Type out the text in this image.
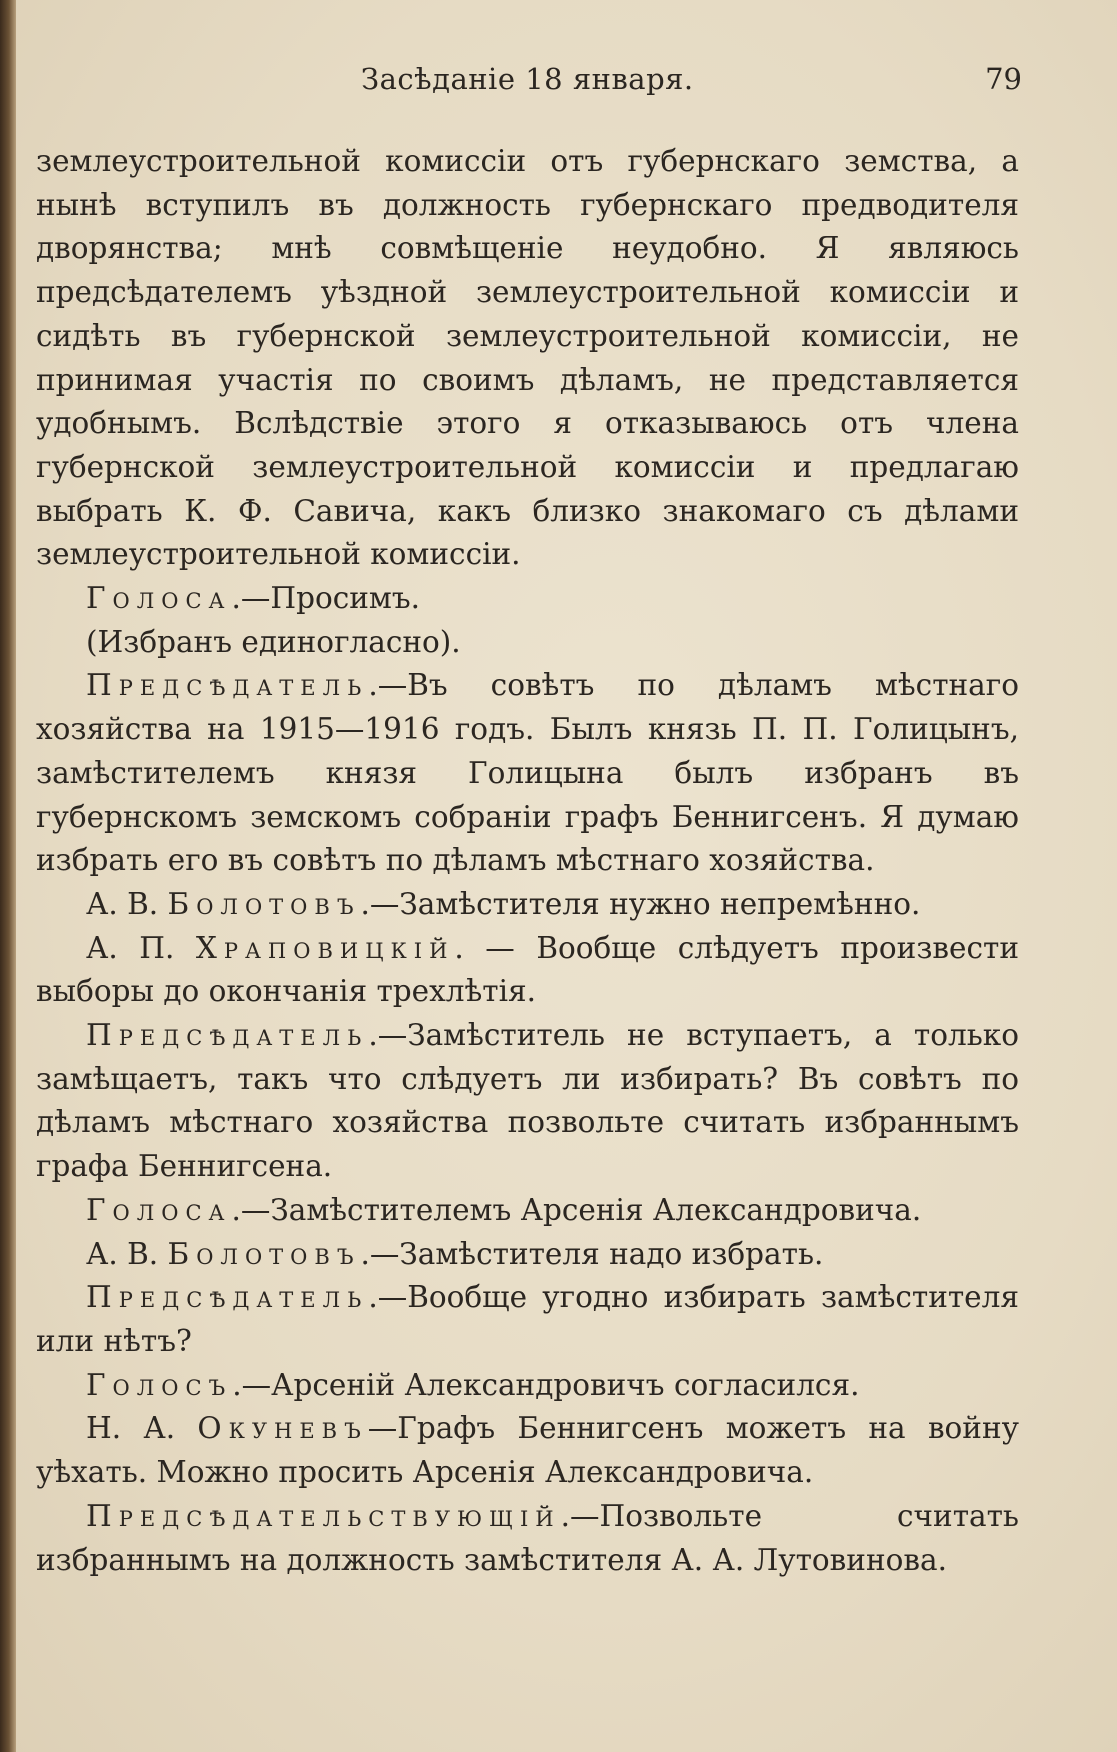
Засѣданіе 18 января.	79

землеустроительной комиссіи отъ губернскаго земства, а нынѣ вступилъ въ должность губернскаго предводителя дворянства; мнѣ совмѣщеніе неудобно. Я являюсь предсѣдателемъ уѣздной землеустроительной комиссіи и сидѣть въ губернской землеустроительной комиссіи, не принимая участія по своимъ дѣламъ, не представляется удобнымъ. Вслѣдствіе этого я отказываюсь отъ члена губернской землеустроительной комиссіи и предлагаю выбрать К. Ф. Савича, какъ близко знакомаго съ дѣлами землеустроительной комиссіи.

Голоса.—Просимъ.

(Избранъ единогласно).

Предсѣдатель.—Въ совѣтъ по дѣламъ мѣстнаго хозяйства на 1915—1916 годъ. Былъ князь П. П. Голицынъ, замѣстителемъ князя Голицына былъ избранъ въ губернскомъ земскомъ собраніи графъ Беннигсенъ. Я думаю избрать его въ совѣтъ по дѣламъ мѣстнаго хозяйства.

А. В. Болотовъ.—Замѣстителя нужно непремѣнно.

А. П. Храповицкій. — Вообще слѣдуетъ произвести выборы до окончанія трехлѣтія.

Предсѣдатель.—Замѣститель не вступаетъ, а только замѣщаетъ, такъ что слѣдуетъ ли избирать? Въ совѣтъ по дѣламъ мѣстнаго хозяйства позвольте считать избраннымъ графа Беннигсена.

Голоса.—Замѣстителемъ Арсенія Александровича.

А. В. Болотовъ.—Замѣстителя надо избрать.

Предсѣдатель.—Вообще угодно избирать замѣстителя или нѣтъ?

Голосъ.—Арсеній Александровичъ согласился.

Н. А. Окуневъ—Графъ Беннигсенъ можетъ на войну уѣхать. Можно просить Арсенія Александровича.

Предсѣдательствующій.—Позвольте считать избраннымъ на должность замѣстителя А. А. Лутовинова.
